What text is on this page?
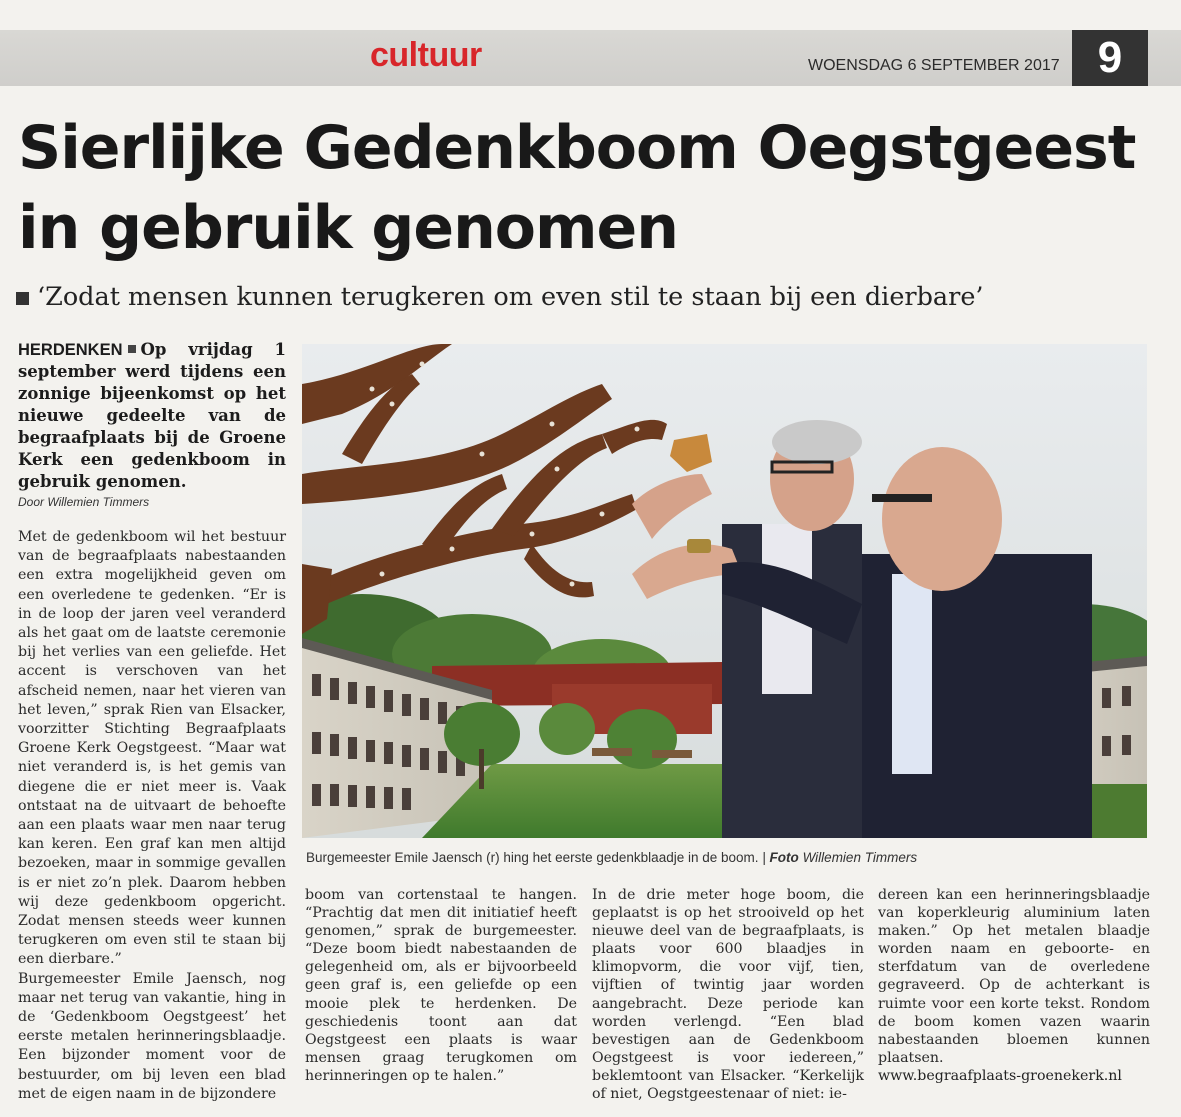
cultuur	WOENSDAG 6 SEPTEMBER 2017 9
Sierlijke Gedenkboom Oegstgeest in gebruik genomen
‘Zodat mensen kunnen terugkeren om even stil te staan bij een dierbare’

HERDENKEN Op vrijdag 1 september werd tijdens een zonnige bijeenkomst op het nieuwe gedeelte van de begraafplaats bij de Groene Kerk een gedenkboom in gebruik genomen.

Door Willemien Timmers

Met de gedenkboom wil het bestuur van de begraafplaats nabestaanden een extra mogelijkheid geven om een overledene te gedenken. “Er is in de loop der jaren veel veranderd als het gaat om de laatste ceremonie bij het verlies van een geliefde. Het accent is verschoven van het afscheid nemen, naar het vieren van het leven,” sprak Rien van Elsacker, voorzitter Stichting Begraafplaats Groene Kerk Oegstgeest. “Maar wat niet veranderd is, is het gemis van diegene die er niet meer is. Vaak ontstaat na de uitvaart de behoefte aan een plaats waar men naar terug kan keren. Een graf kan men altijd bezoeken, maar in sommige gevallen is er niet zo’n plek. Daarom hebben wij deze gedenkboom opgericht. Zodat mensen steeds weer kunnen terugkeren om even stil te staan bij een dierbare.”

Burgemeester Emile Jaensch, nog maar net terug van vakantie, hing in de ‘Gedenkboom Oegstgeest’ het eerste metalen herinneringsblaadje. Een bijzonder moment voor de bestuurder, om bij leven een blad met de eigen naam in de bijzondere

Burgemeester Emile Jaensch (r) hing het eerste gedenkblaadje in de boom. | Foto Willemien Timmers

boom van cortenstaal te hangen. “Prachtig dat men dit initiatief heeft genomen,” sprak de burgemeester. “Deze boom biedt nabestaanden de gelegenheid om, als er bijvoorbeeld geen graf is, een geliefde op een mooie plek te herdenken. De geschiedenis toont aan dat Oegstgeest een plaats is waar mensen graag terugkomen om herinneringen op te halen.”

In de drie meter hoge boom, die geplaatst is op het strooiveld op het nieuwe deel van de begraafplaats, is plaats voor 600 blaadjes in klimopvorm, die voor vijf, tien, vijftien of twintig jaar worden aangebracht. Deze periode kan worden verlengd. “Een blad bevestigen aan de Gedenkboom Oegstgeest is voor iedereen,” beklemtoont van Elsacker. “Kerkelijk of niet, Oegstgeestenaar of niet: ie-

dereen kan een herinneringsblaadje van koperkleurig aluminium laten maken.” Op het metalen blaadje worden naam en geboorte- en sterfdatum van de overledene gegraveerd. Op de achterkant is ruimte voor een korte tekst. Rondom de boom komen vazen waarin nabestaanden bloemen kunnen plaatsen.

www.begraafplaats-groenekerk.nl
